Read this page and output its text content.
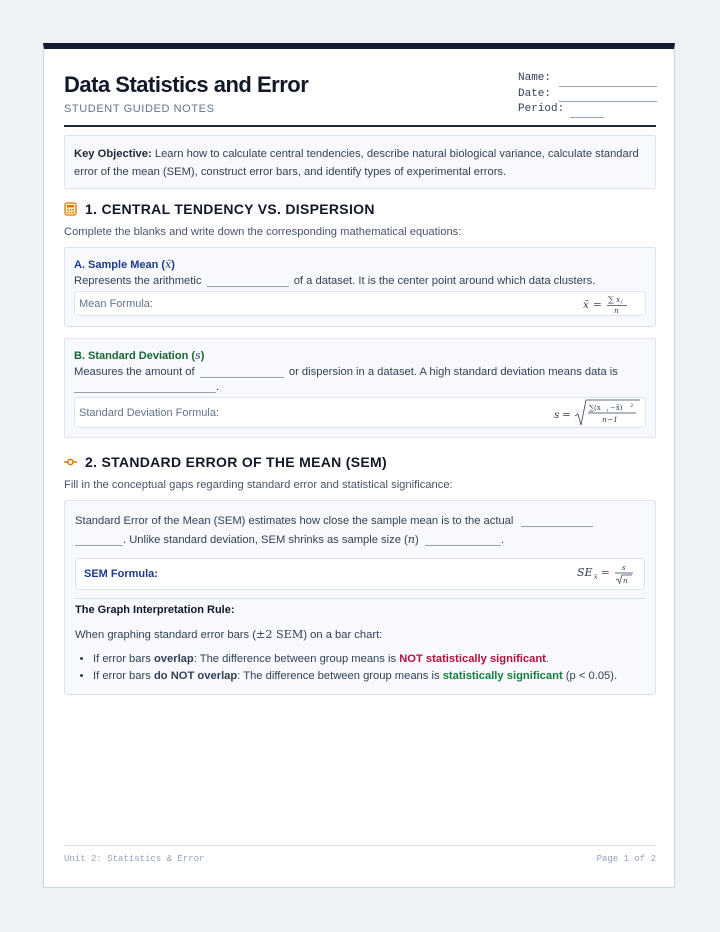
Data Statistics and Error
STUDENT GUIDED NOTES
Name:
Date:
Period:
Key Objective: Learn how to calculate central tendencies, describe natural biological variance, calculate standard error of the mean (SEM), construct error bars, and identify types of experimental errors.
1. CENTRAL TENDENCY VS. DISPERSION
Complete the blanks and write down the corresponding mathematical equations:
A. Sample Mean (x̄)
Represents the arithmetic	of a dataset. It is the center point around which data clusters.
Mean Formula:	x̄ = ∑ x i
n
B. Standard Deviation (s)
Measures the amount of	or dispersion in a dataset. A high standard deviation means data is
.
Standard Deviation Formula:	s =
∑(x i −x̄) 2
n−1
2. STANDARD ERROR OF THE MEAN (SEM)
Fill in the conceptual gaps regarding standard error and statistical significance:
Standard Error of the Mean (SEM) estimates how close the sample mean is to the actual
. Unlike standard deviation, SEM shrinks as sample size (n)	.
SEM Formula:	SE x̄ = s
n
The Graph Interpretation Rule:
When graphing standard error bars (±2 SEM) on a bar chart:
• If error bars overlap: The difference between group means is NOT statistically significant.
• If error bars do NOT overlap: The difference between group means is statistically significant (p < 0.05).
Unit 2: Statistics & Error	Page 1 of 2
